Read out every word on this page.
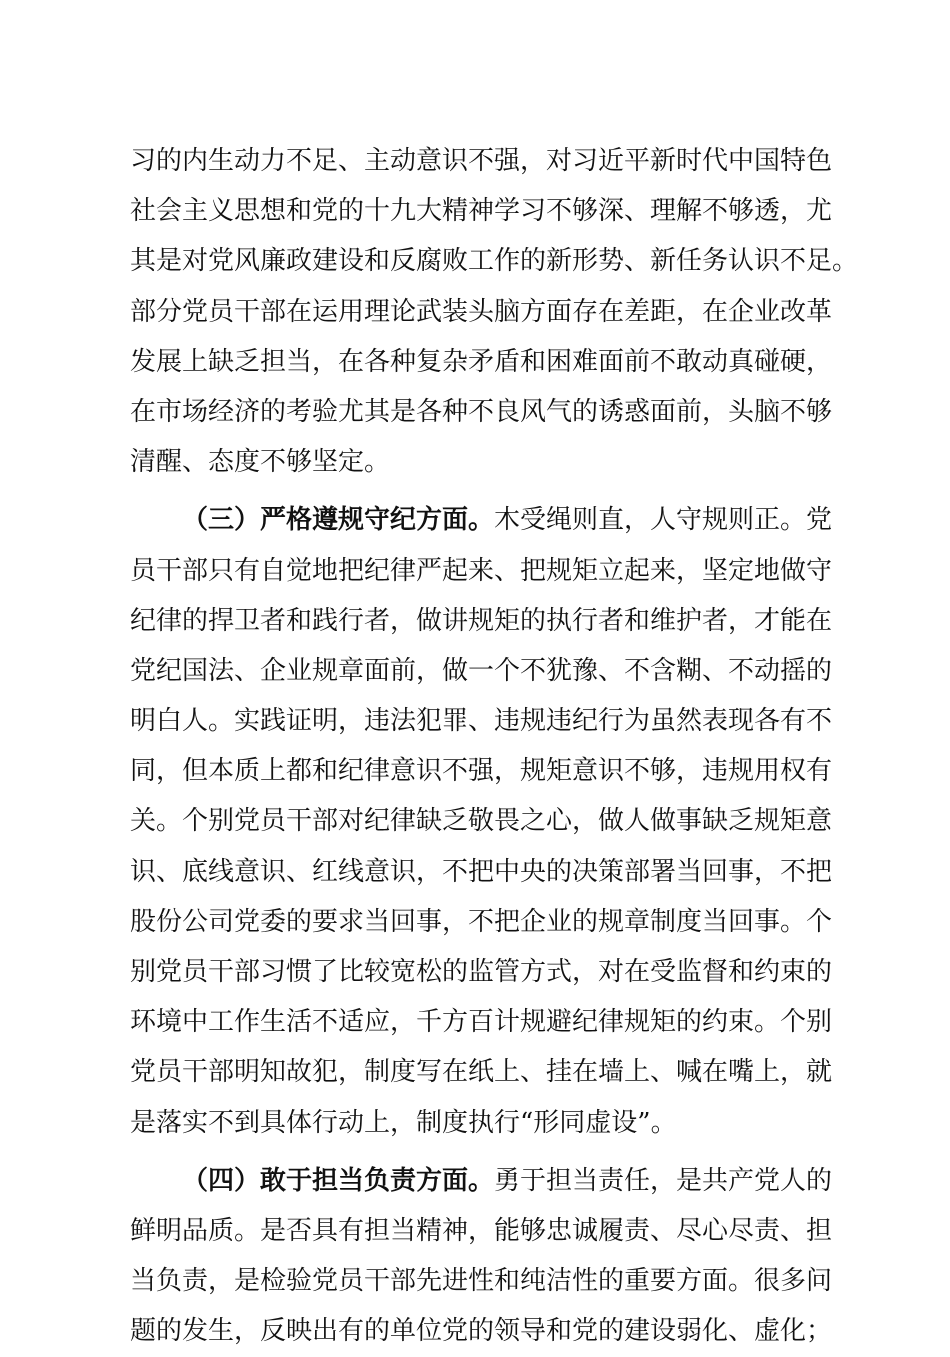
习的内生动力不足、主动意识不强，对习近平新时代中国特色
社会主义思想和党的十九大精神学习不够深、理解不够透，尤
其是对党风廉政建设和反腐败工作的新形势、新任务认识不足。
部分党员干部在运用理论武装头脑方面存在差距，在企业改革
发展上缺乏担当，在各种复杂矛盾和困难面前不敢动真碰硬，
在市场经济的考验尤其是各种不良风气的诱惑面前，头脑不够
清醒、态度不够坚定。
（三）严格遵规守纪方面。木受绳则直，人守规则正。党
员干部只有自觉地把纪律严起来、把规矩立起来，坚定地做守
纪律的捍卫者和践行者，做讲规矩的执行者和维护者，才能在
党纪国法、企业规章面前，做一个不犹豫、不含糊、不动摇的
明白人。实践证明，违法犯罪、违规违纪行为虽然表现各有不
同，但本质上都和纪律意识不强，规矩意识不够，违规用权有
关。个别党员干部对纪律缺乏敬畏之心，做人做事缺乏规矩意
识、底线意识、红线意识，不把中央的决策部署当回事，不把
股份公司党委的要求当回事，不把企业的规章制度当回事。个
别党员干部习惯了比较宽松的监管方式，对在受监督和约束的
环境中工作生活不适应，千方百计规避纪律规矩的约束。个别
党员干部明知故犯，制度写在纸上、挂在墙上、喊在嘴上，就
是落实不到具体行动上，制度执行“形同虚设”。
（四）敢于担当负责方面。勇于担当责任，是共产党人的
鲜明品质。是否具有担当精神，能够忠诚履责、尽心尽责、担
当负责，是检验党员干部先进性和纯洁性的重要方面。很多问
题的发生，反映出有的单位党的领导和党的建设弱化、虚化；
